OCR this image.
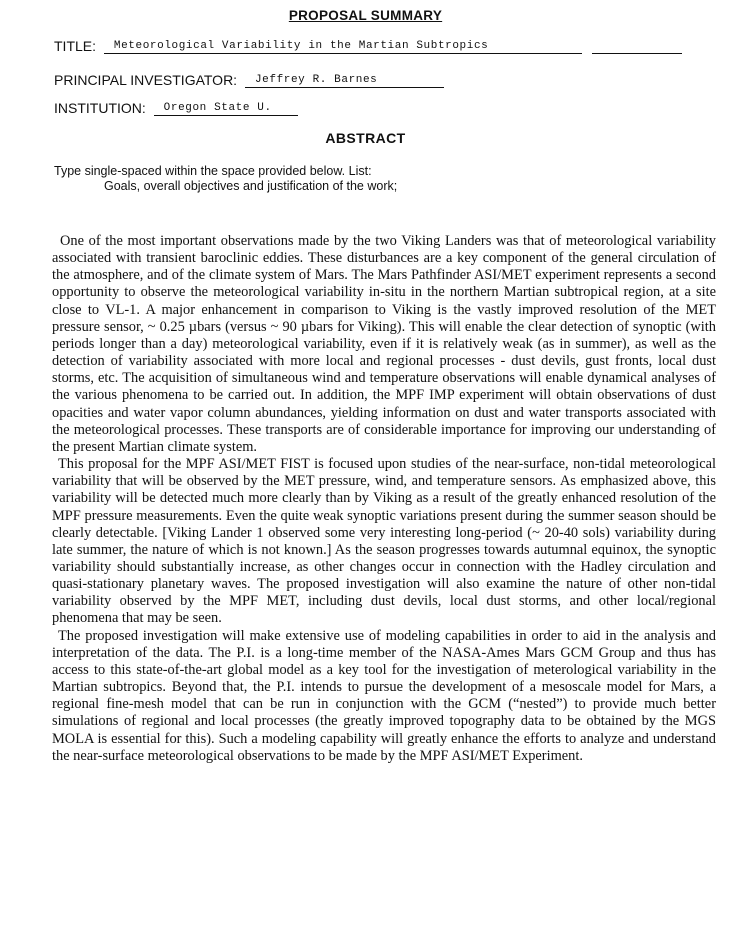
PROPOSAL SUMMARY
TITLE: Meteorological Variability in the Martian Subtropics
PRINCIPAL INVESTIGATOR: Jeffrey R. Barnes
INSTITUTION: Oregon State U.
ABSTRACT
Type single-spaced within the space provided below. List:
Goals, overall objectives and justification of the work;

One of the most important observations made by the two Viking Landers was that of meteorological variability associated with transient baroclinic eddies. These disturbances are a key component of the general circulation of the atmosphere, and of the climate system of Mars. The Mars Pathfinder ASI/MET experiment represents a second opportunity to observe the meteorological variability in-situ in the northern Martian subtropical region, at a site close to VL-1. A major enhancement in comparison to Viking is the vastly improved resolution of the MET pressure sensor, ~ 0.25 µbars (versus ~ 90 µbars for Viking). This will enable the clear detection of synoptic (with periods longer than a day) meteorological variability, even if it is relatively weak (as in summer), as well as the detection of variability associated with more local and regional processes - dust devils, gust fronts, local dust storms, etc. The acquisition of simultaneous wind and temperature observations will enable dynamical analyses of the various phenomena to be carried out. In addition, the MPF IMP experiment will obtain observations of dust opacities and water vapor column abundances, yielding information on dust and water transports associated with the meteorological processes. These transports are of considerable importance for improving our understanding of the present Martian climate system.

This proposal for the MPF ASI/MET FIST is focused upon studies of the near-surface, non-tidal meteorological variability that will be observed by the MET pressure, wind, and temperature sensors. As emphasized above, this variability will be detected much more clearly than by Viking as a result of the greatly enhanced resolution of the MPF pressure measurements. Even the quite weak synoptic variations present during the summer season should be clearly detectable. [Viking Lander 1 observed some very interesting long-period (~ 20-40 sols) variability during late summer, the nature of which is not known.] As the season progresses towards autumnal equinox, the synoptic variability should substantially increase, as other changes occur in connection with the Hadley circulation and quasi-stationary planetary waves. The proposed investigation will also examine the nature of other non-tidal variability observed by the MPF MET, including dust devils, local dust storms, and other local/regional phenomena that may be seen.

The proposed investigation will make extensive use of modeling capabilities in order to aid in the analysis and interpretation of the data. The P.I. is a long-time member of the NASA-Ames Mars GCM Group and thus has access to this state-of-the-art global model as a key tool for the investigation of meterological variability in the Martian subtropics. Beyond that, the P.I. intends to pursue the development of a mesoscale model for Mars, a regional fine-mesh model that can be run in conjunction with the GCM (“nested”) to provide much better simulations of regional and local processes (the greatly improved topography data to be obtained by the MGS MOLA is essential for this). Such a modeling capability will greatly enhance the efforts to analyze and understand the near-surface meteorological observations to be made by the MPF ASI/MET Experiment.
